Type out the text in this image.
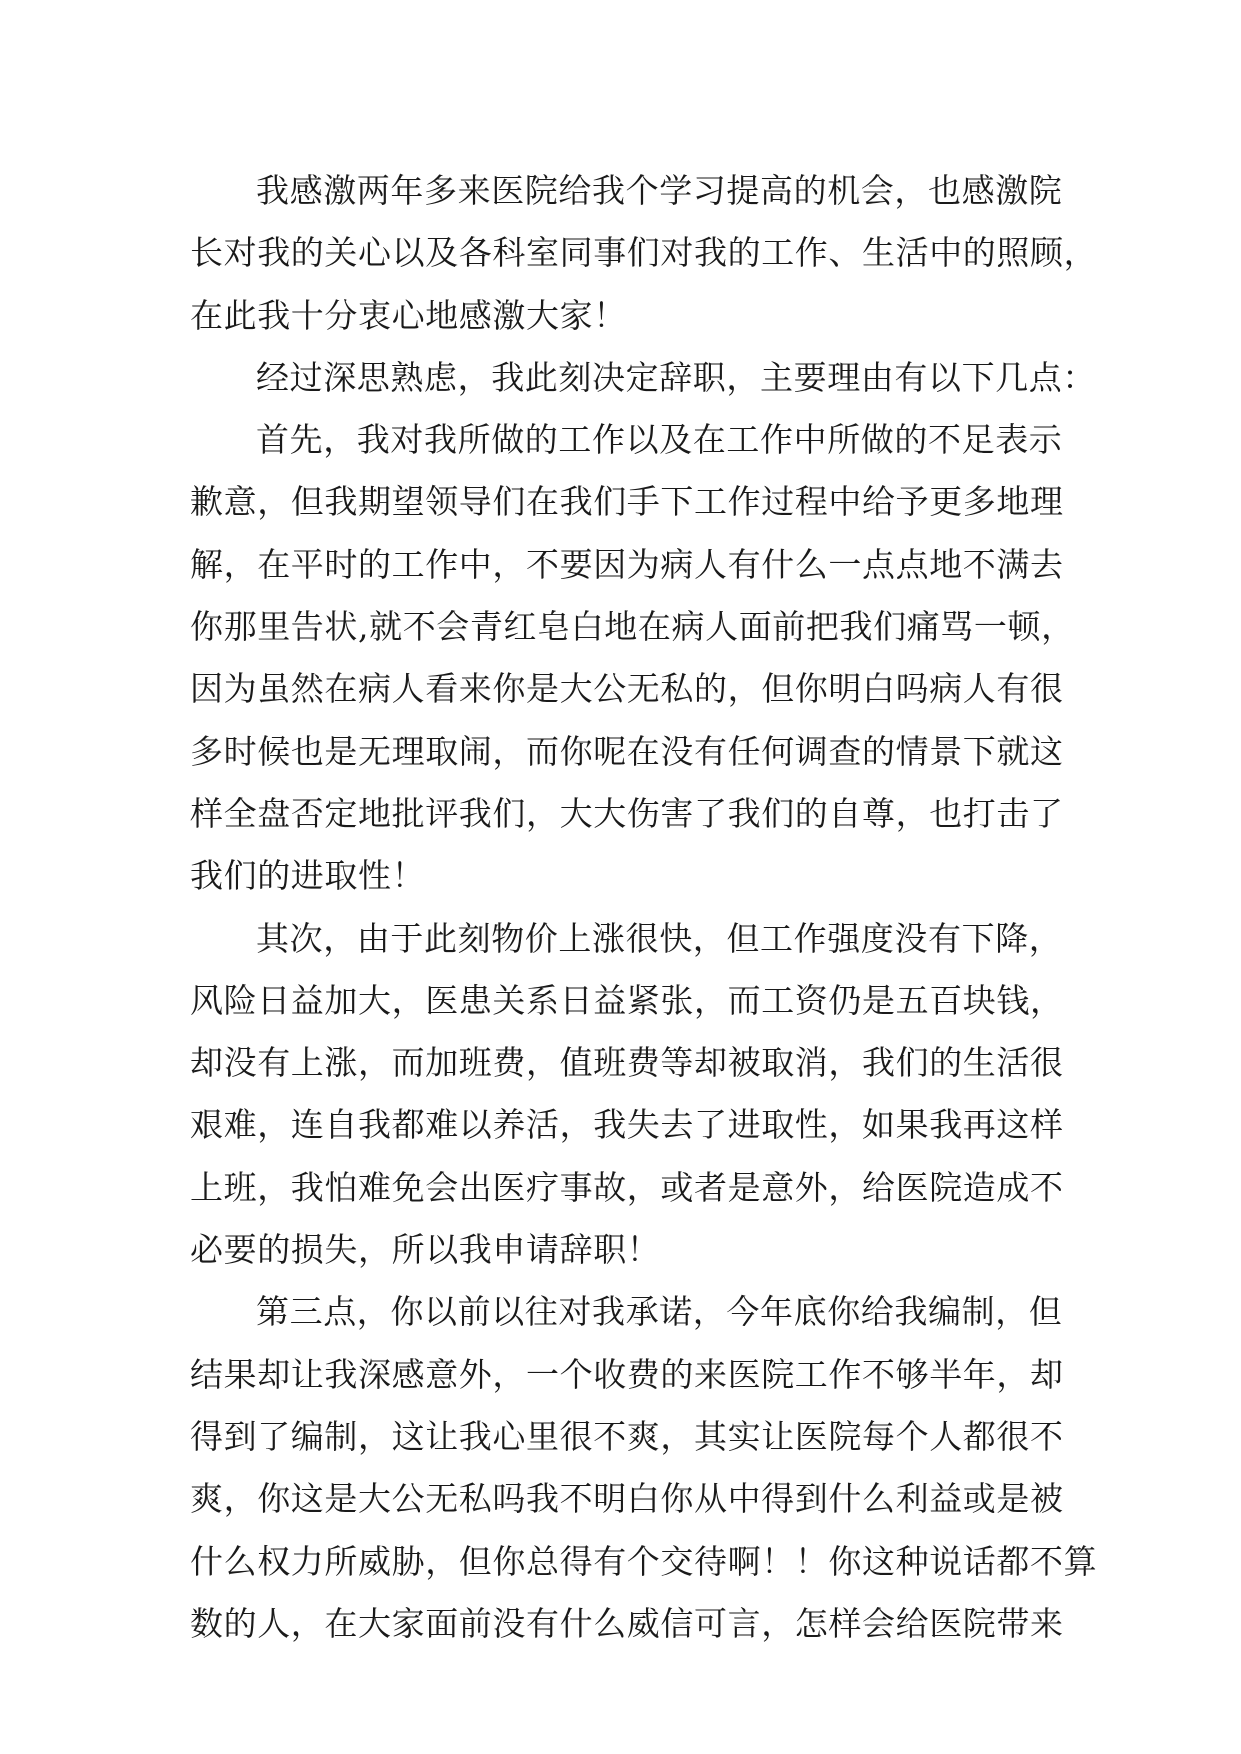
我感激两年多来医院给我个学习提高的机会，也感激院
长对我的关心以及各科室同事们对我的工作、生活中的照顾，
在此我十分衷心地感激大家！
经过深思熟虑，我此刻决定辞职，主要理由有以下几点：
首先，我对我所做的工作以及在工作中所做的不足表示
歉意，但我期望领导们在我们手下工作过程中给予更多地理
解，在平时的工作中，不要因为病人有什么一点点地不满去
你那里告状,就不会青红皂白地在病人面前把我们痛骂一顿，
因为虽然在病人看来你是大公无私的，但你明白吗病人有很
多时候也是无理取闹，而你呢在没有任何调查的情景下就这
样全盘否定地批评我们，大大伤害了我们的自尊，也打击了
我们的进取性！
其次，由于此刻物价上涨很快，但工作强度没有下降，
风险日益加大，医患关系日益紧张，而工资仍是五百块钱，
却没有上涨，而加班费，值班费等却被取消，我们的生活很
艰难，连自我都难以养活，我失去了进取性，如果我再这样
上班，我怕难免会出医疗事故，或者是意外，给医院造成不
必要的损失，所以我申请辞职！
第三点，你以前以往对我承诺，今年底你给我编制，但
结果却让我深感意外，一个收费的来医院工作不够半年，却
得到了编制，这让我心里很不爽，其实让医院每个人都很不
爽，你这是大公无私吗我不明白你从中得到什么利益或是被
什么权力所威胁，但你总得有个交待啊！！你这种说话都不算
数的人，在大家面前没有什么威信可言，怎样会给医院带来
